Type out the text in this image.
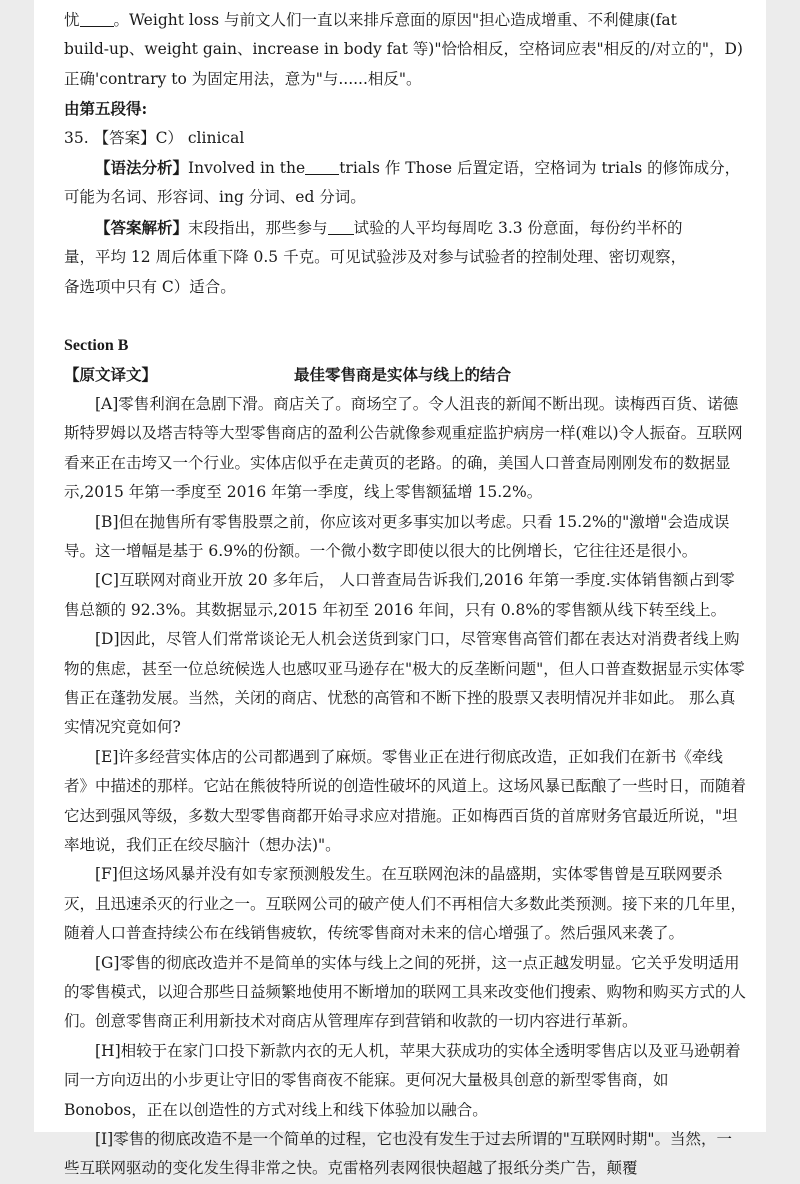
忧 。Weight loss 与前文人们一直以来排斥意面的原因"担心造成增重、不利健康(fat

build-up、weight gain、increase in body fat 等)"恰恰相反，空格词应表"相反的/对立的"，D)

正确'contrary to 为固定用法，意为"与......相反"。

由第五段得:

35. 【答案】C） clinical

【语法分析】Involved in the trials 作 Those 后置定语，空格词为 trials 的修饰成分，

可能为名词、形容词、ing 分词、ed 分词。

【答案解析】末段指出，那些参与 试验的人平均每周吃 3.3 份意面，每份约半杯的

量，平均 12 周后体重下降 0.5 千克。可见试验涉及对参与试验者的控制处理、密切观察，

备选项中只有 C）适合。

Section B

【原文译文】	最佳零售商是实体与线上的结合

[A]零售利润在急剧下滑。商店关了。商场空了。令人沮丧的新闻不断出现。读梅西百货、诺德斯特罗姆以及塔吉特等大型零售商店的盈利公告就像参观重症监护病房一样(难以)令人振奋。互联网看来正在击垮又一个行业。实体店似乎在走黄页的老路。的确，美国人口普查局刚刚发布的数据显示,2015 年第一季度至 2016 年第一季度，线上零售额猛增 15.2%。

[B]但在抛售所有零售股票之前，你应该对更多事实加以考虑。只看 15.2%的"激增"会造成误导。这一增幅是基于 6.9%的份额。一个微小数字即使以很大的比例增长，它往往还是很小。

[C]互联网对商业开放 20 多年后， 人口普查局告诉我们,2016 年第一季度.实体销售额占到零售总额的 92.3%。其数据显示,2015 年初至 2016 年间，只有 0.8%的零售额从线下转至线上。

[D]因此，尽管人们常常谈论无人机会送货到家门口，尽管寒售高管们都在表达对消费者线上购物的焦虑，甚至一位总统候选人也感叹亚马逊存在"极大的反垄断问题"，但人口普查数据显示实体零售正在蓬勃发展。当然，关闭的商店、忧愁的高管和不断下挫的股票又表明情况并非如此。 那么真实情况究竟如何?

[E]许多经营实体店的公司都遇到了麻烦。零售业正在进行彻底改造，正如我们在新书《牵线者》中描述的那样。它站在熊彼特所说的创造性破坏的风道上。这场风暴已酝酿了一些时日，而随着它达到强风等级，多数大型零售商都开始寻求应对措施。正如梅西百货的首席财务官最近所说，"坦率地说，我们正在绞尽脑汁（想办法)"。

[F]但这场风暴并没有如专家预测般发生。在互联网泡沫的晶盛期，实体零售曾是互联网要杀灭，且迅速杀灭的行业之一。互联网公司的破产使人们不再相信大多数此类预测。接下来的几年里，随着人口普查持续公布在线销售疲软，传统零售商对未来的信心增强了。然后强风来袭了。

[G]零售的彻底改造并不是简单的实体与线上之间的死拼，这一点正越发明显。它关乎发明适用的零售模式，以迎合那些日益频繁地使用不断增加的联网工具来改变他们搜索、购物和购买方式的人们。创意零售商正利用新技术对商店从管理库存到营销和收款的一切内容进行革新。

[H]相较于在家门口投下新款内衣的无人机，苹果大获成功的实体全透明零售店以及亚马逊朝着同一方向迈出的小步更让守旧的零售商夜不能寐。更何况大量极具创意的新型零售商，如 Bonobos，正在以创造性的方式对线上和线下体验加以融合。

[I]零售的彻底改造不是一个简单的过程，它也没有发生于过去所谓的"互联网时期"。当然，一些互联网驱动的变化发生得非常之快。克雷格列表网很快超越了报纸分类广告，颠覆
